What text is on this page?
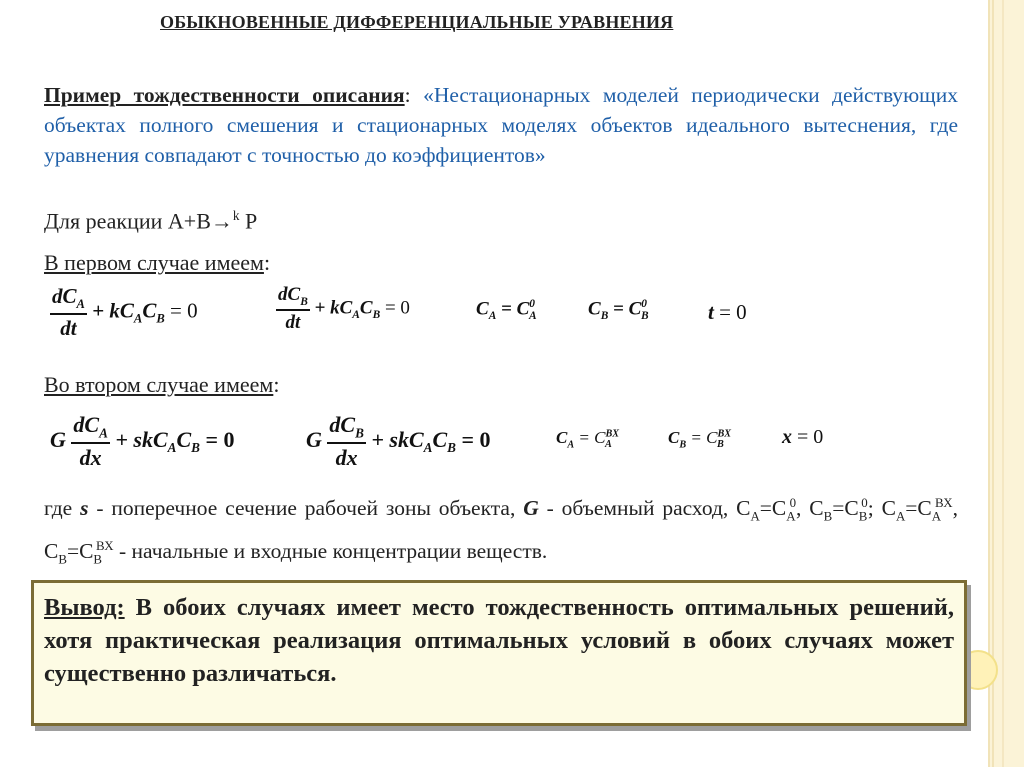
ОБЫКНОВЕННЫЕ ДИФФЕРЕНЦИАЛЬНЫЕ УРАВНЕНИЯ
Пример тождественности описания: «Нестационарных моделей периодически действующих объектах полного смешения и стационарных моделях объектов идеального вытеснения, где уравнения совпадают с точностью до коэффициентов»
Для реакции А+В→$^k$ Р
В первом случае имеем:
$\frac{dC_A}{dt} + kC_AC_B = 0$	$\frac{dC_B}{dt} + kC_AC_B = 0$	$C_A = C^0_A$	$C_B = C^0_B$	t = 0
Во втором случае имеем:
G $\frac{dC_A}{dx} + skC_AC_B = 0$	G $\frac{dC_B}{dx} + skC_AC_B = 0$	$C_A = C^{BX}_A$	$C_B = C^{BX}_B$	x = 0
где s - поперечное сечение рабочей зоны объекта, G - объемный расход, $С_А=С_А^0$, $С_В=С_В^0$; $С_А=С_А^{ВХ}$, $С_В=С_В^{ВХ}$ - начальные и входные концентрации веществ.
Вывод: В обоих случаях имеет место тождественность оптимальных решений, хотя практическая реализация оптимальных условий в обоих случаях может существенно различаться.
